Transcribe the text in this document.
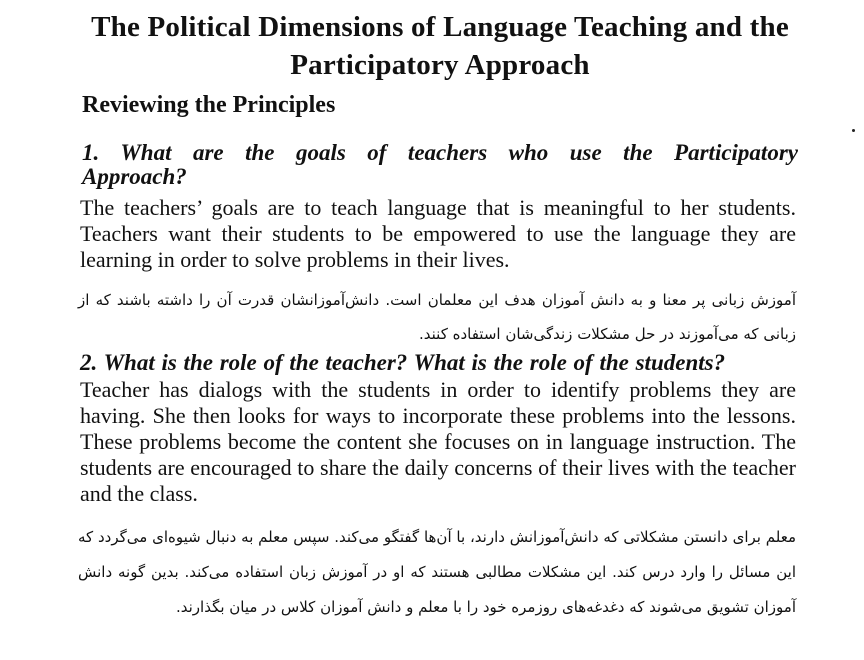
The Political Dimensions of Language Teaching and the Participatory Approach
Reviewing the Principles
1. What are the goals of teachers who use the Participatory Approach?
The teachers’ goals are to teach language that is meaningful to her students. Teachers want their students to be empowered to use the language they are learning in order to solve problems in their lives.
آموزش زبانی پر معنا و به دانش آموزان هدف این معلمان است. دانش‌آموزانشان قدرت آن را داشته باشند که از زبانی که می‌آموزند در حل مشکلات زندگی‌شان استفاده کنند.
2. What is the role of the teacher? What is the role of the students?
Teacher has dialogs with the students in order to identify problems they are having. She then looks for ways to incorporate these problems into the lessons. These problems become the content she focuses on in language instruction. The students are encouraged to share the daily concerns of their lives with the teacher and the class.
معلم برای دانستن مشکلاتی که دانش‌آموزانش دارند، با آن‌ها گفتگو می‌کند. سپس معلم به دنبال شیوه‌ای می‌گردد که این مسائل را وارد درس کند. این مشکلات مطالبی هستند که او در آموزش زبان استفاده می‌کند. بدین گونه دانش آموزان تشویق می‌شوند که دغدغه‌های روزمره خود را با معلم و دانش آموزان کلاس در میان بگذارند.
